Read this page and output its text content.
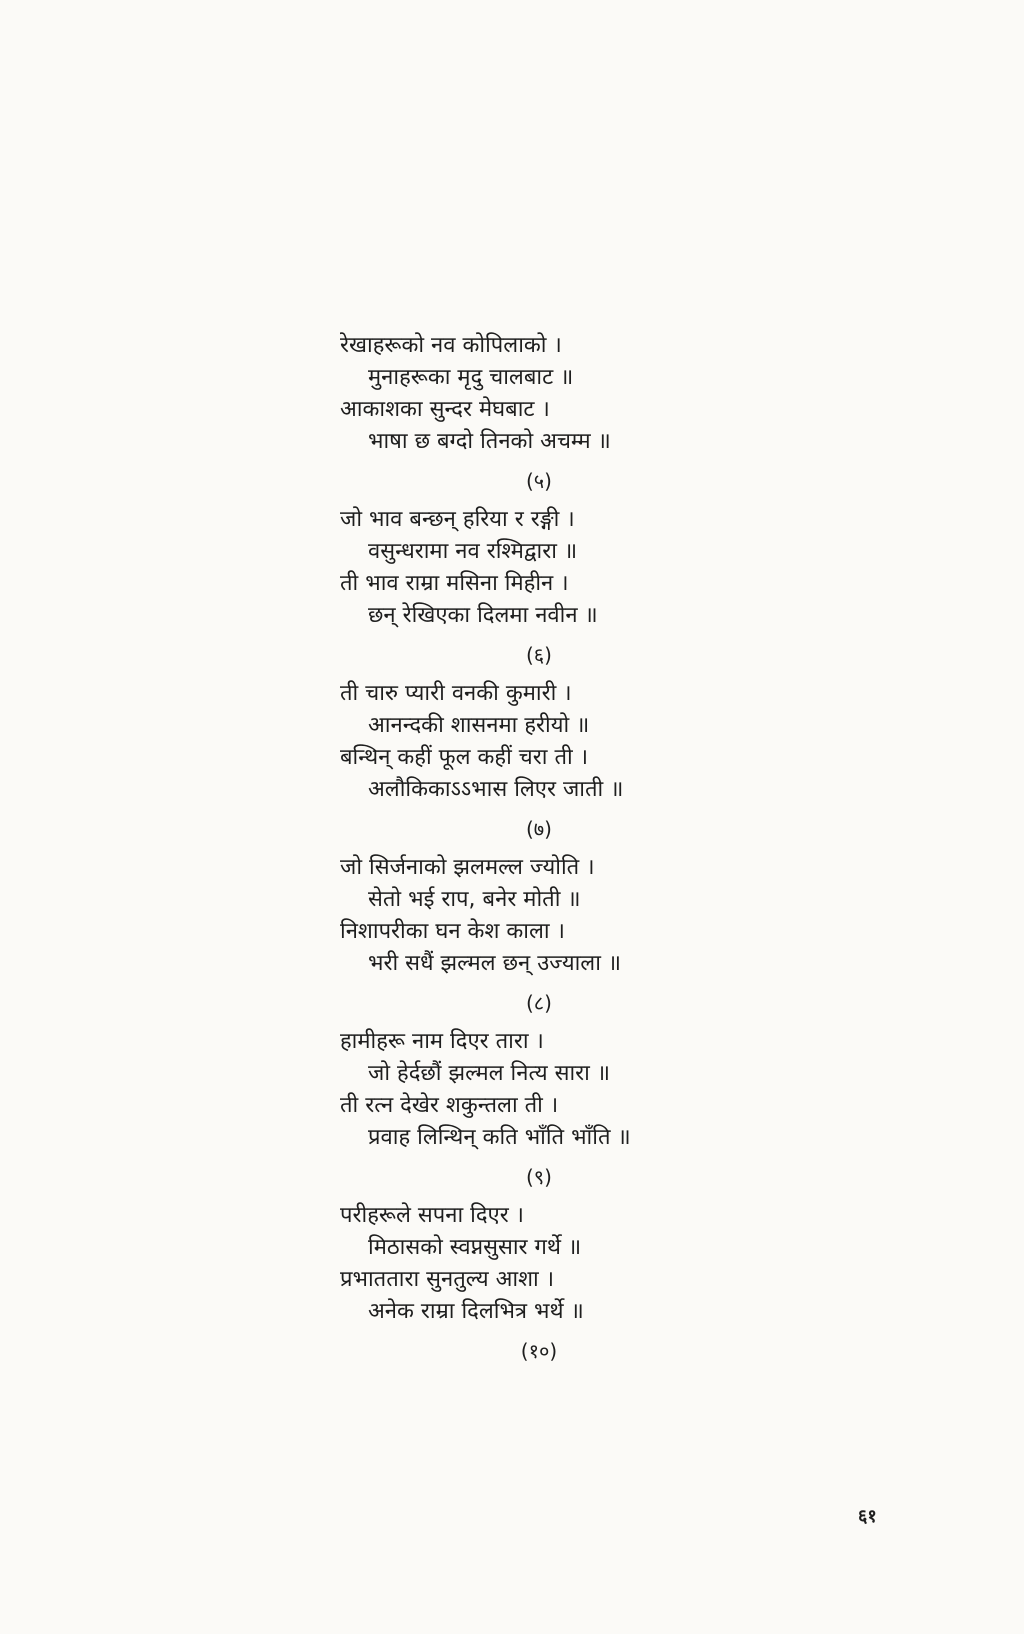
रेखाहरूको नव कोपिलाको ।
मुनाहरूका मृदु चालबाट ॥
आकाशका सुन्दर मेघबाट ।
भाषा छ बग्दो तिनको अचम्म ॥
(५)
जो भाव बन्छन् हरिया र रङ्गी ।
वसुन्धरामा नव रश्मिद्वारा ॥
ती भाव राम्रा मसिना मिहीन ।
छन् रेखिएका दिलमा नवीन ॥
(६)
ती चारु प्यारी वनकी कुमारी ।
आनन्दकी शासनमा हरीयो ॥
बन्थिन् कहीं फूल कहीं चरा ती ।
अलौकिकाऽऽभास लिएर जाती ॥
(७)
जो सिर्जनाको झलमल्ल ज्योति ।
सेतो भई राप, बनेर मोती ॥
निशापरीका घन केश काला ।
भरी सधैं झल्मल छन् उज्याला ॥
(८)
हामीहरू नाम दिएर तारा ।
जो हेर्दछौं झल्मल नित्य सारा ॥
ती रत्न देखेर शकुन्तला ती ।
प्रवाह लिन्थिन् कति भाँति भाँति ॥
(९)
परीहरूले सपना दिएर ।
मिठासको स्वप्नसुसार गर्थे ॥
प्रभाततारा सुनतुल्य आशा ।
अनेक राम्रा दिलभित्र भर्थे ॥
(१०)
६१
